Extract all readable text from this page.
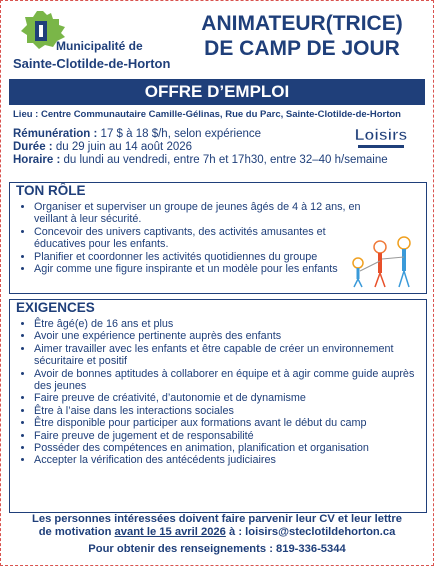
Municipalité de
Sainte-Clotilde-de-Horton
ANIMATEUR(TRICE)
DE CAMP DE JOUR
OFFRE D’EMPLOI
Lieu : Centre Communautaire Camille-Gélinas, Rue du Parc, Sainte-Clotilde-de-Horton
Rémunération : 17 $ à 18 $/h, selon expérience
Durée : du 29 juin au 14 août 2026
Horaire : du lundi au vendredi, entre 7h et 17h30, entre 32–40 h/semaine
Loisirs
TON RÔLE
• Organiser et superviser un groupe de jeunes âgés de 4 à 12 ans, en veillant à leur sécurité.
• Concevoir des univers captivants, des activités amusantes et éducatives pour les enfants.
• Planifier et coordonner les activités quotidiennes du groupe
• Agir comme une figure inspirante et un modèle pour les enfants
EXIGENCES
• Être âgé(e) de 16 ans et plus
• Avoir une expérience pertinente auprès des enfants
• Aimer travailler avec les enfants et être capable de créer un environnement sécuritaire et positif
• Avoir de bonnes aptitudes à collaborer en équipe et à agir comme guide auprès des jeunes
• Faire preuve de créativité, d’autonomie et de dynamisme
• Être à l’aise dans les interactions sociales
• Être disponible pour participer aux formations avant le début du camp
• Faire preuve de jugement et de responsabilité
• Posséder des compétences en animation, planification et organisation
• Accepter la vérification des antécédents judiciaires
Les personnes intéressées doivent faire parvenir leur CV et leur lettre
de motivation avant le 15 avril 2026 à : loisirs@steclotildehorton.ca
Pour obtenir des renseignements : 819-336-5344
